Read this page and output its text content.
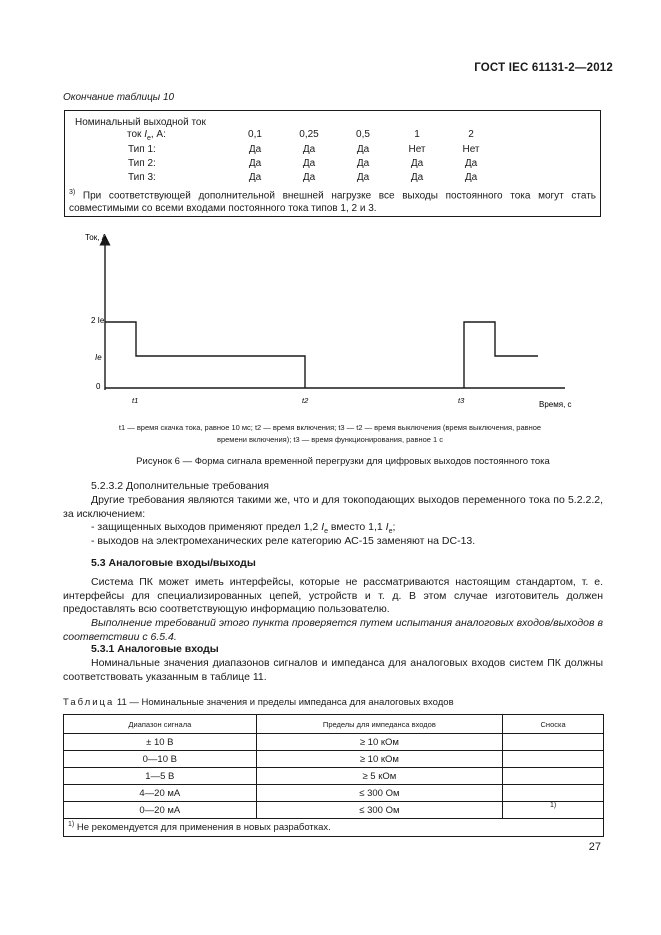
ГОСТ IEC 61131-2—2012
Окончание таблицы 10
Номинальный выходной ток
ток $I_e$, А:	0,1	0,25	0,5	1	2
Тип 1:	Да	Да	Да	Нет	Нет
Тип 2:	Да	Да	Да	Да	Да
Тип 3:	Да	Да	Да	Да	Да
$^{3)}$ При соответствующей дополнительной внешней нагрузке все выходы постоянного тока могут стать совместимыми со всеми входами постоянного тока типов 1, 2 и 3.
Ток, А
Время, с
2 Ie
Ie
0
t1	t2	t3
t1 — время скачка тока, равное 10 мс; t2 — время включения; t3 — t2 — время выключения (время выключения, равное
времени включения); t3 — время функционирования, равное 1 с
Рисунок 6 — Форма сигнала временной перегрузки для цифровых выходов постоянного тока
5.2.3.2 Дополнительные требования
Другие требования являются такими же, что и для токоподающих выходов переменного тока по 5.2.2.2, за исключением:
- защищенных выходов применяют предел 1,2 $I_e$ вместо 1,1 $I_e$;
- выходов на электромеханических реле категорию АС-15 заменяют на DC-13.
5.3 Аналоговые входы/выходы
Система ПК может иметь интерфейсы, которые не рассматриваются настоящим стандартом, т. е. интерфейсы для специализированных цепей, устройств и т. д. В этом случае изготовитель должен предоставлять всю соответствующую информацию пользователю.
Выполнение требований этого пункта проверяется путем испытания аналоговых входов/выходов в соответствии с 6.5.4.
5.3.1 Аналоговые входы
Номинальные значения диапазонов сигналов и импеданса для аналоговых входов систем ПК должны соответствовать указанным в таблице 11.
Таблица 11 — Номинальные значения и пределы импеданса для аналоговых входов
Диапазон сигнала	Пределы для импеданса входов	Сноска
± 10 В	≥ 10 кОм	
0—10 В	≥ 10 кОм	
1—5 В	≥ 5 кОм	
4—20 мА	≤ 300 Ом	
0—20 мА	≤ 300 Ом	1)
$^{1)}$ Не рекомендуется для применения в новых разработках.		
27
